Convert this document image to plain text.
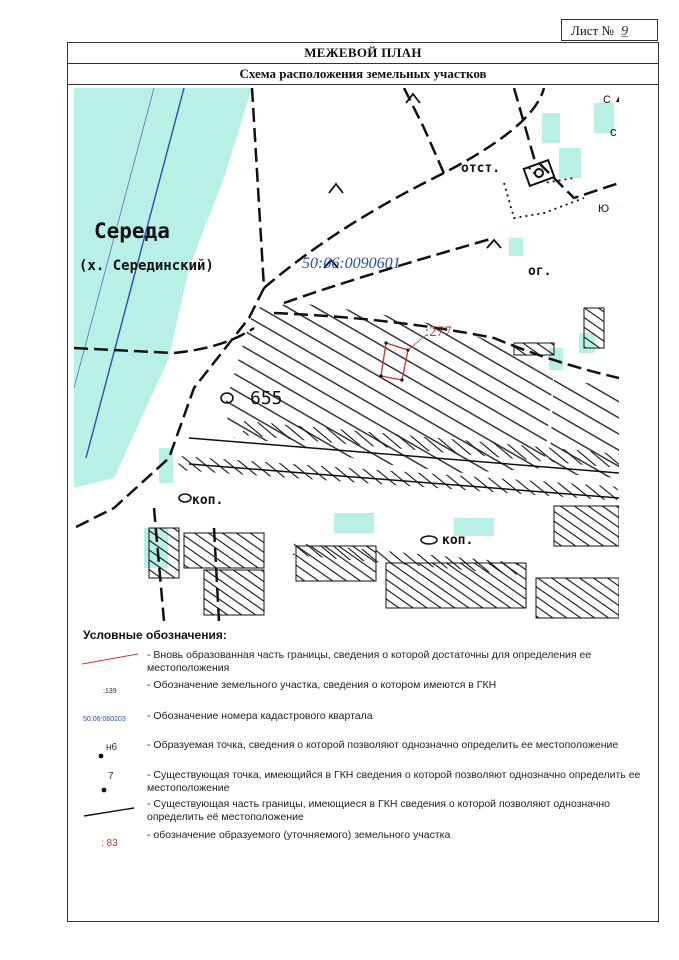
Лист № 9
МЕЖЕВОЙ ПЛАН
Схема расположения земельных участков
Середа
(х. Серединский)	50:06:0090601
:277
655
отст.
ог.
коп.
коп.
С
Ю
с
Условные обозначения:
- Вновь образованная часть границы, сведения о которой достаточны для определения ее местоположения
:139
- Обозначение земельного участка, сведения о котором имеются в ГКН
50:06:060203 - Обозначение номера кадастрового квартала
н6	- Образуемая точка, сведения о которой позволяют однозначно определить ее местоположение
7	- Существующая точка, имеющийся в ГКН сведения о которой позволяют однозначно определить ее местоположение
- Существующая часть границы, имеющиеся в ГКН сведения о которой позволяют однозначно определить её местоположение
: 83
- обозначение образуемого (уточняемого) земельного участка
